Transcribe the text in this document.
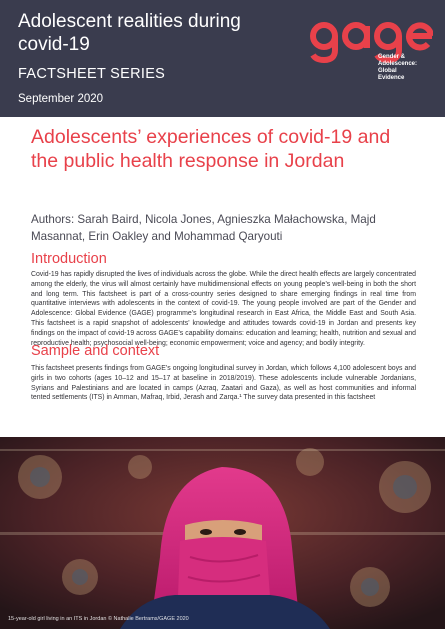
Adolescent realities during covid-19
FACTSHEET SERIES
September 2020
Gender &
Adolescence:
Global
Evidence
Adolescents’ experiences of covid-19 and the public health response in Jordan
Authors: Sarah Baird, Nicola Jones, Agnieszka Małachowska, Majd Masannat, Erin Oakley and Mohammad Qaryouti
Introduction
Covid-19 has rapidly disrupted the lives of individuals across the globe. While the direct health effects are largely concentrated among the elderly, the virus will almost certainly have multidimensional effects on young people’s well-being in both the short and long term. This factsheet is part of a cross-country series designed to share emerging findings in real time from quantitative interviews with adolescents in the context of covid-19. The young people involved are part of the Gender and Adolescence: Global Evidence (GAGE) programme’s longitudinal research in East Africa, the Middle East and South Asia. This factsheet is a rapid snapshot of adolescents’ knowledge and attitudes towards covid-19 in Jordan and presents key findings on the impact of covid-19 across GAGE’s capability domains: education and learning; health, nutrition and sexual and reproductive health; psychosocial well-being; economic empowerment; voice and agency; and bodily integrity.
Sample and context
This factsheet presents findings from GAGE’s ongoing longitudinal survey in Jordan, which follows 4,100 adolescent boys and girls in two cohorts (ages 10–12 and 15–17 at baseline in 2018/2019). These adolescents include vulnerable Jordanians, Syrians and Palestinians and are located in camps (Azraq, Zaatari and Gaza), as well as host communities and informal tented settlements (ITS) in Amman, Mafraq, Irbid, Jerash and Zarqa.¹ The survey data presented in this factsheet
15-year-old girl living in an ITS in Jordan © Nathalie Bertrams/GAGE 2020
